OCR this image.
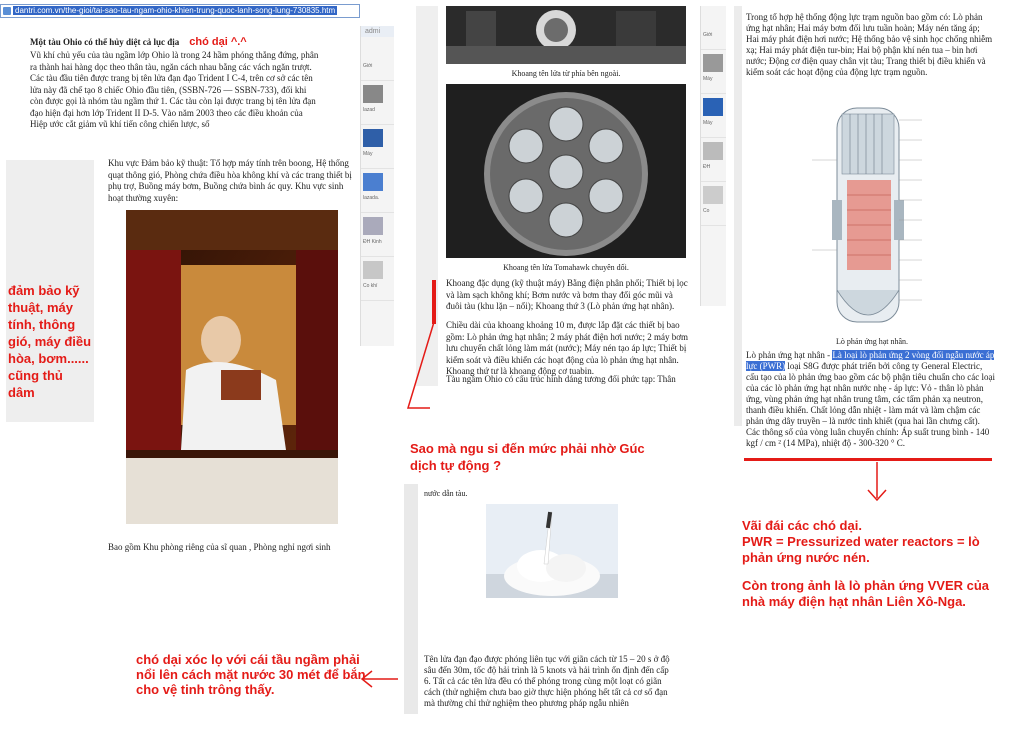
dantri.com.vn/the-gioi/tai-sao-tau-ngam-ohio-khien-trung-quoc-lanh-song-lung-730835.htm
Một tàu Ohio có thể hủy diệt cả lục địa chó dại ^.^
Vũ khí chủ yếu của tàu ngầm lớp Ohio là trong 24 hầm phóng thẳng đứng, phân ra thành hai hàng dọc theo thân tàu, ngăn cách nhau bằng các vách ngăn trượt. Các tàu đầu tiên được trang bị tên lửa đạn đạo Trident I C-4, trên cơ sở các tên lửa này đã chế tạo 8 chiếc Ohio đầu tiên, (SSBN-726 — SSBN-733), đối khi còn được gọi là nhóm tàu ngầm thứ 1. Các tàu còn lại được trang bị tên lửa đạn đạo hiện đại hơn lớp Trident II D-5. Vào năm 2003 theo các điều khoản của Hiệp ước cắt giảm vũ khí tiến công chiến lược, số
admi
Giới
lazad
Máy
lazada.
ĐH Kinh
Co khí
Khu vực Đảm bảo kỹ thuật: Tổ hợp máy tính trên boong, Hệ thống quạt thông gió, Phòng chứa điều hòa không khí và các trang thiết bị phụ trợ, Buồng máy bơm, Buồng chứa bình ác quy. Khu vực sinh hoạt thường xuyên:
Bao gồm Khu phòng riêng của sĩ quan , Phòng nghỉ ngơi sinh
đảm bảo kỹ thuật, máy tính, thông gió, máy điều hòa, bơm...... cũng thủ dâm
Khoang tên lửa từ phía bên ngoài.
Khoang tên lửa Tomahawk chuyên dối.
Khoang đặc dụng (kỹ thuật máy) Bằng điện phân phối; Thiết bị lọc và làm sạch không khí; Bơm nước và bơm thay đổi góc mũi và đuôi tàu (khu lặn – nổi); Khoang thứ 3 (Lò phản ứng hạt nhân).
Chiều dài của khoang khoảng 10 m, được lắp đặt các thiết bị bao gồm: Lò phản ứng hạt nhân; 2 máy phát điện hơi nước; 2 máy bơm lưu chuyển chất lỏng làm mát (nước); Máy nén tạo áp lực; Thiết bị kiểm soát và điều khiển các hoạt động của lò phản ứng hạt nhân. Khoang thứ tư là khoang động cơ tuabin.
Tàu ngầm Ohio có cấu trúc hình dáng tương đối phức tạp: Thân
Giới
Máy
Máy
ĐH
Co
Sao mà ngu si đến mức phải nhờ Gúc dịch tự động ?
Trong tổ hợp hệ thống động lực trạm nguồn bao gồm có: Lò phản ứng hạt nhân; Hai máy bơm đối lưu tuần hoàn; Máy nén tăng áp; Hai máy phát điện hơi nước; Hệ thống bảo vệ sinh học chống nhiễm xạ; Hai máy phát điện tur-bin; Hai bộ phận khí nén tua – bin hơi nước; Động cơ điện quay chân vịt tàu; Trang thiết bị điều khiển và kiểm soát các hoạt động của động lực trạm nguồn.
Lò phản ứng hạt nhân.
Lò phản ứng hạt nhân - Là loại lò phản ứng 2 vòng đối ngẫu nước áp lực (PWR) loại S8G được phát triển bởi công ty General Electric, cấu tạo của lò phản ứng bao gồm các bộ phận tiêu chuẩn cho các loại của các lò phản ứng hạt nhân nước nhẹ - áp lực: Vỏ - thân lò phản ứng, vùng phản ứng hạt nhân trung tâm, các tấm phản xạ neutron, thanh điều khiển. Chất lỏng dẫn nhiệt - làm mát và làm chậm các phản ứng dây truyền – là nước tinh khiết (qua hai lần chưng cất). Các thông số của vòng luân chuyển chính: Áp suất trung bình - 140 kgf / cm ² (14 MPa), nhiệt độ - 300-320 ° C.
Vãi đái các chó dại.
PWR = Pressurized water reactors = lò phản ứng nước nén.
Còn trong ảnh là lò phản ứng VVER của nhà máy điện hạt nhân Liên Xô-Nga.
nước dẫn tàu.
Tên lửa đạn đạo được phóng liên tục với giãn cách từ 15 – 20 s ở độ sâu đến 30m, tốc độ hải trình là 5 knots và hải trình ổn định đến cấp 6. Tất cả các tên lửa đều có thể phóng trong cùng một loạt có giãn cách (thử nghiệm chưa bao giờ thực hiện phóng hết tất cả cơ số đạn mà thường chỉ thử nghiệm theo phương pháp ngẫu nhiên
chó dại xóc lọ với cái tầu ngầm phải nổi lên cách mặt nước 30 mét để bắn cho vệ tinh trông thấy.
